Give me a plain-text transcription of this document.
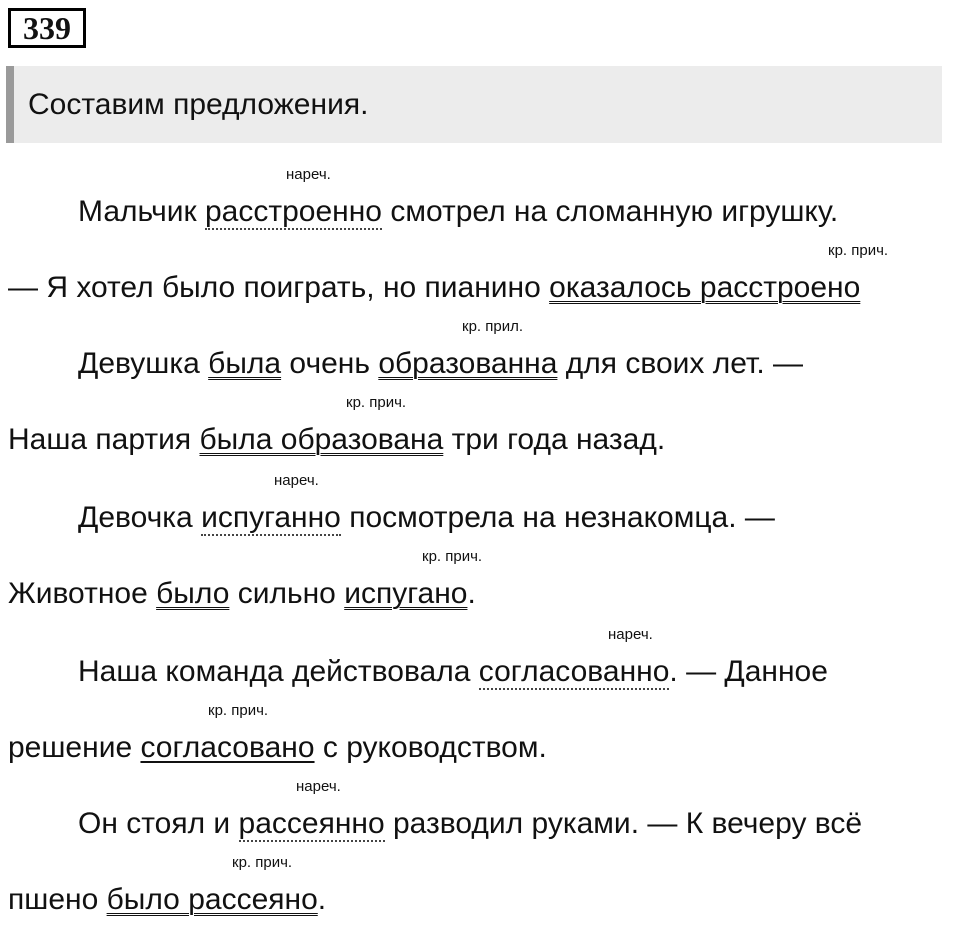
339
Составим предложения.
нареч.
Мальчик расстроенно смотрел на сломанную игрушку.
кр. прич.
— Я хотел было поиграть, но пианино оказалось расстроено
кр. прил.
Девушка была очень образованна для своих лет. —
кр. прич.
Наша партия была образована три года назад.
нареч.
Девочка испуганно посмотрела на незнакомца. —
кр. прич.
Животное было сильно испугано.
нареч.
Наша команда действовала согласованно. — Данное
кр. прич.
решение согласовано с руководством.
нареч.
Он стоял и рассеянно разводил руками. — К вечеру всё
кр. прич.
пшено было рассеяно.
